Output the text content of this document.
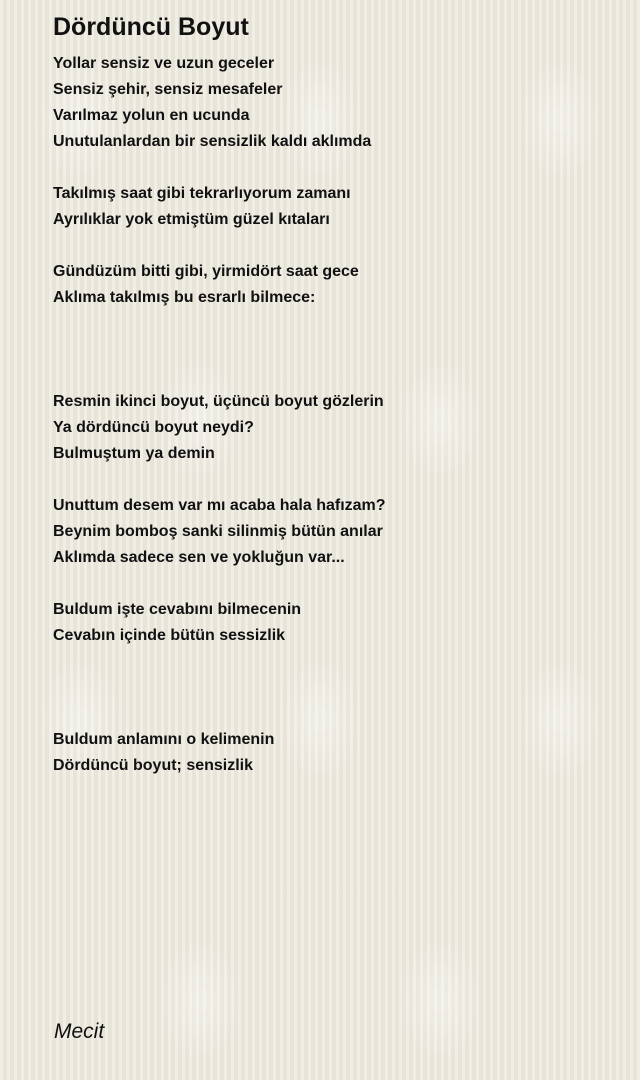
Dördüncü Boyut
Yollar sensiz ve uzun geceler
Sensiz şehir, sensiz mesafeler
Varılmaz yolun en ucunda
Unutulanlardan bir sensizlik kaldı aklımda
Takılmış saat gibi tekrarlıyorum zamanı
Ayrılıklar yok etmiştüm güzel kıtaları
Gündüzüm bitti gibi, yirmidört saat gece
Aklıma takılmış bu esrarlı bilmece:
Resmin ikinci boyut, üçüncü boyut gözlerin
Ya dördüncü boyut neydi?
Bulmuştum ya demin
Unuttum desem var mı acaba hala hafızam?
Beynim bomboş sanki silinmiş bütün anılar
Aklımda sadece sen ve yokluğun var...
Buldum işte cevabını bilmecenin
Cevabın içinde bütün sessizlik
Buldum anlamını o kelimenin
Dördüncü boyut; sensizlik
Mecit
